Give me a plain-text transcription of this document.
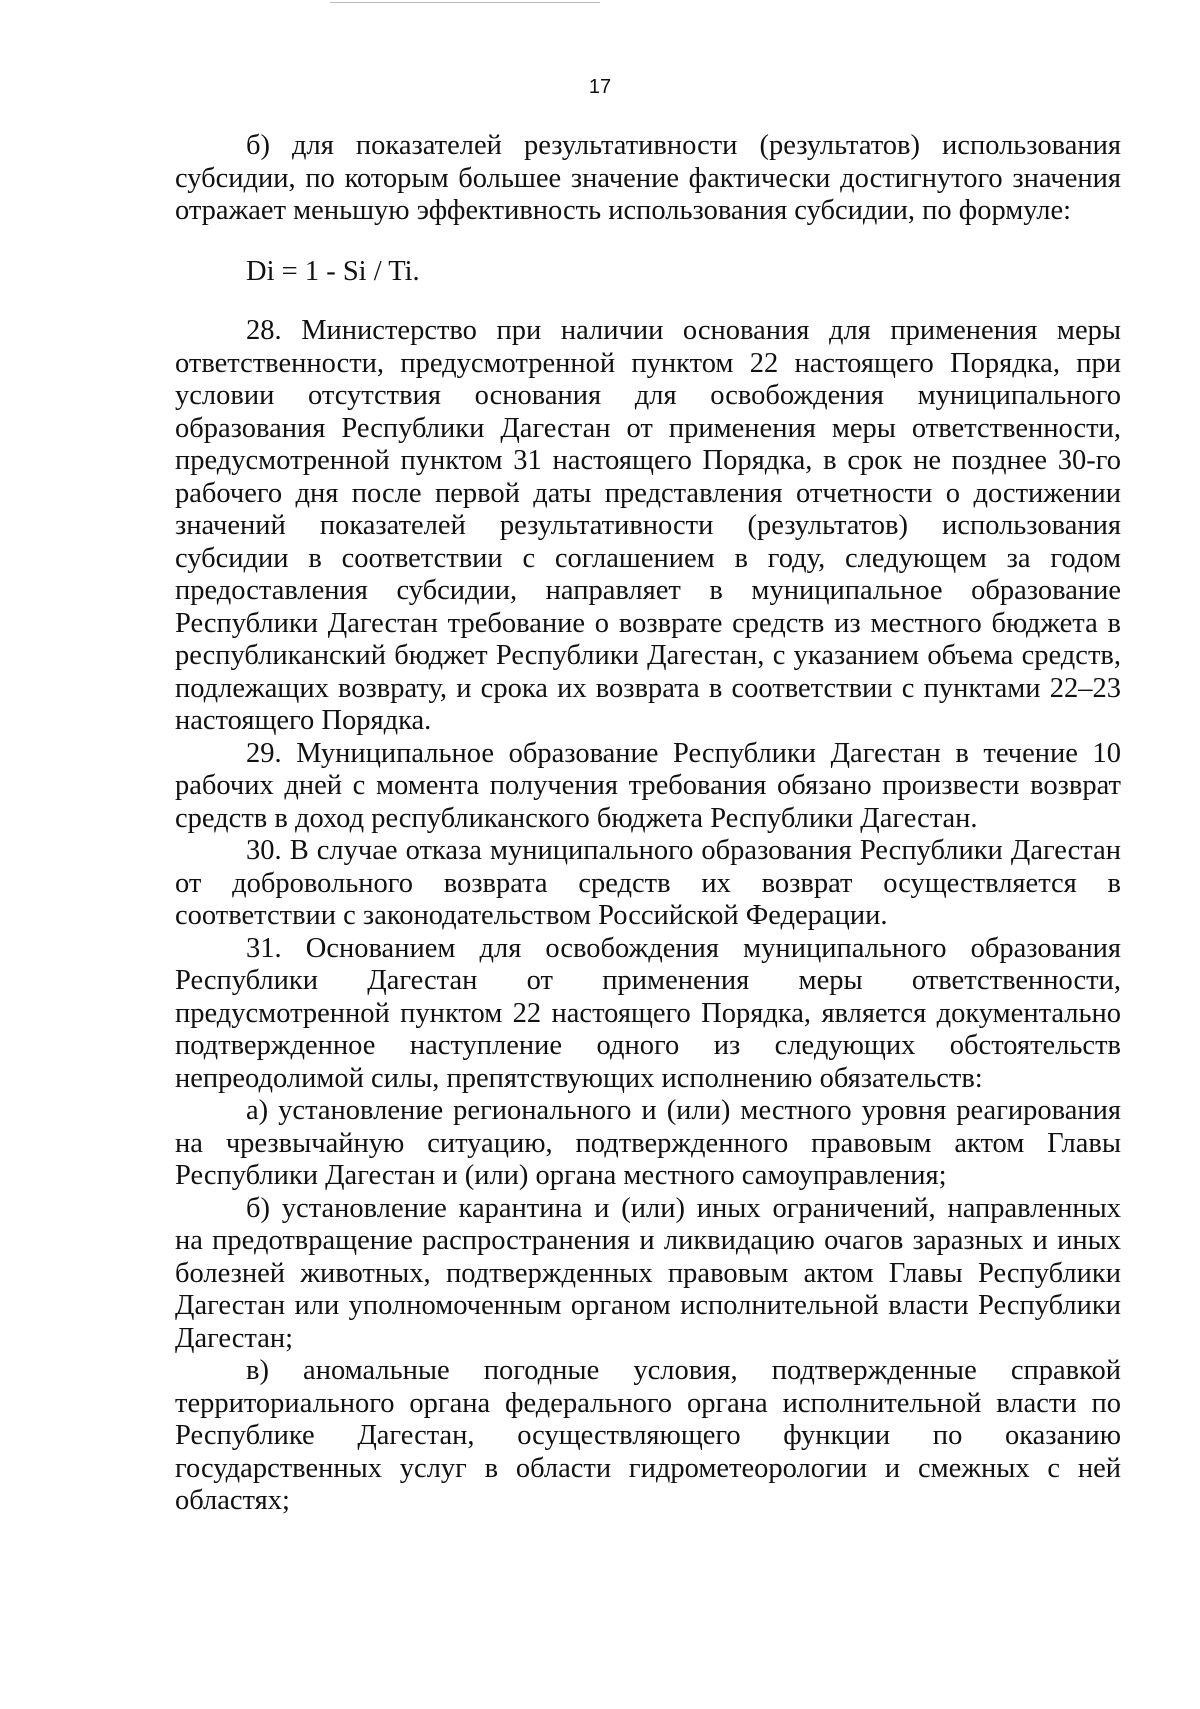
17

б) для показателей результативности (результатов) использования субсидии, по которым большее значение фактически достигнутого значения отражает меньшую эффективность использования субсидии, по формуле:

Di = 1 - Si / Ti.

28. Министерство при наличии основания для применения меры ответственности, предусмотренной пунктом 22 настоящего Порядка, при условии отсутствия основания для освобождения муниципального образования Республики Дагестан от применения меры ответственности, предусмотренной пунктом 31 настоящего Порядка, в срок не позднее 30-го рабочего дня после первой даты представления отчетности о достижении значений показателей результативности (результатов) использования субсидии в соответствии с соглашением в году, следующем за годом предоставления субсидии, направляет в муниципальное образование Республики Дагестан требование о возврате средств из местного бюджета в республиканский бюджет Республики Дагестан, с указанием объема средств, подлежащих возврату, и срока их возврата в соответствии с пунктами 22–23 настоящего Порядка.

29. Муниципальное образование Республики Дагестан в течение 10 рабочих дней с момента получения требования обязано произвести возврат средств в доход республиканского бюджета Республики Дагестан.

30. В случае отказа муниципального образования Республики Дагестан от добровольного возврата средств их возврат осуществляется в соответствии с законодательством Российской Федерации.

31. Основанием для освобождения муниципального образования Республики Дагестан от применения меры ответственности, предусмотренной пунктом 22 настоящего Порядка, является документально подтвержденное наступление одного из следующих обстоятельств непреодолимой силы, препятствующих исполнению обязательств:

а) установление регионального и (или) местного уровня реагирования на чрезвычайную ситуацию, подтвержденного правовым актом Главы Республики Дагестан и (или) органа местного самоуправления;

б) установление карантина и (или) иных ограничений, направленных на предотвращение распространения и ликвидацию очагов заразных и иных болезней животных, подтвержденных правовым актом Главы Республики Дагестан или уполномоченным органом исполнительной власти Республики Дагестан;

в) аномальные погодные условия, подтвержденные справкой территориального органа федерального органа исполнительной власти по Республике Дагестан, осуществляющего функции по оказанию государственных услуг в области гидрометеорологии и смежных с ней областях;
